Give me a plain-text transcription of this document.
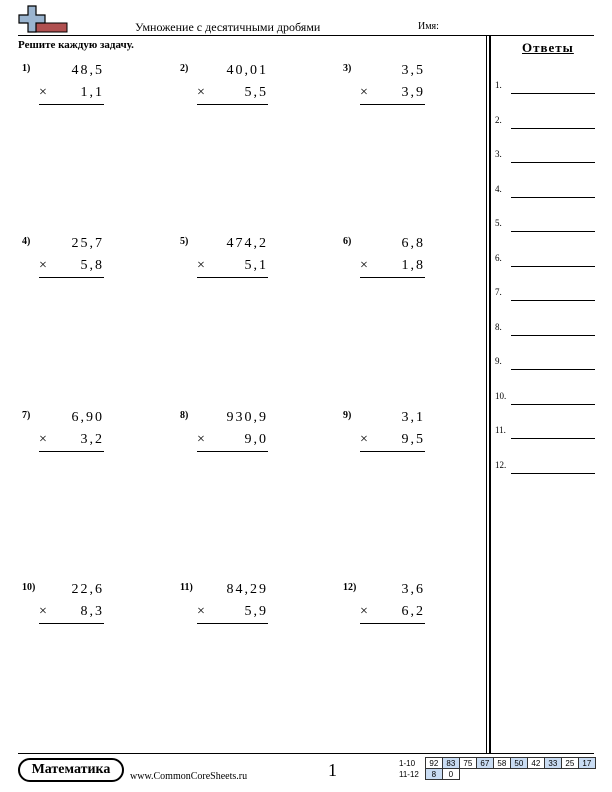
Умножение с десятичными дробями	Имя:
Решите каждую задачу.
1)	48,5
× 1,1
2)	40,01
×	5,5
3)	3,5
× 3,9
4)	25,7
× 5,8
5)	474,2
×	5,1
6)	6,8
× 1,8
7)	6,90
× 3,2
8)	930,9
×	9,0
9)	3,1
× 9,5
10)	22,6
× 8,3
11) 84,29
×	5,9
12)	3,6
× 6,2
Ответы
1.
2.
3.
4.
5.
6.
7.
8.
9.
10.
11.
12.
Математика	www.CommonCoreSheets.ru	1	1-10	92	83	75	67	58	50	42	33	25	17
11-12	8	0								
